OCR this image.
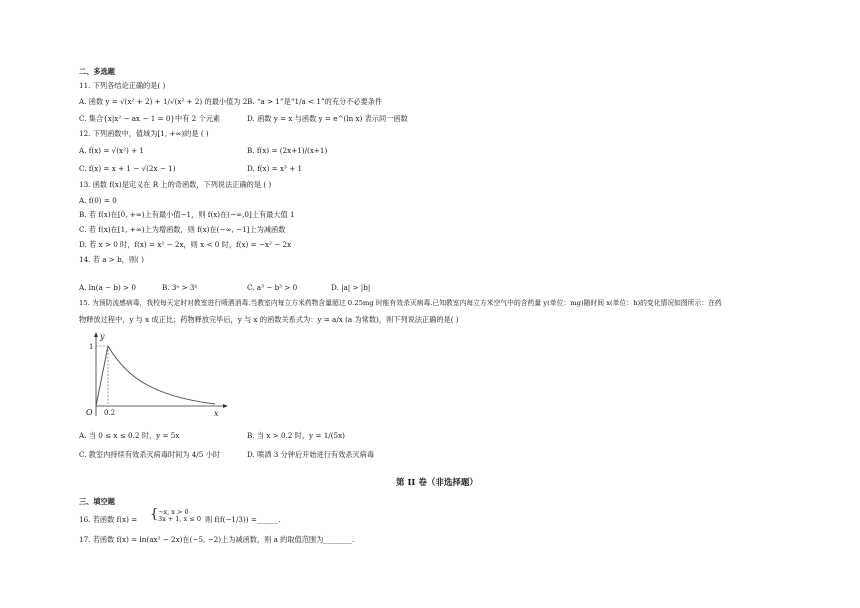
二、多选题
11. 下列各结论正确的是( )
A. 函数 y = √(x² + 2) + 1/√(x² + 2) 的最小值为 2 B. “a > 1”是“1/a < 1”的充分不必要条件
C. 集合{x|x² − ax − 1 = 0}中有 2 个元素	D. 函数 y = x 与函数 y = e^(ln x) 表示同一函数
12. 下列函数中，值域为[1, +∞)的是 ( )
A. f(x) = √(x²) + 1	B. f(x) = (2x+1)/(x+1)
C. f(x) = x + 1 − √(2x − 1)	D. f(x) = x³ + 1
13. 函数 f(x)是定义在 R 上的奇函数，下列说法正确的是 ( )
A. f(0) = 0
B. 若 f(x)在[0, +∞)上有最小值−1，则 f(x)在(−∞,0]上有最大值 1
C. 若 f(x)在[1, +∞)上为增函数，则 f(x)在(−∞, −1]上为减函数
D. 若 x > 0 时，f(x) = x² − 2x，则 x < 0 时，f(x) = −x² − 2x
14. 若 a > b，则( )
A. ln(a − b) > 0	B. 3ᵃ > 3ᵇ	C. a³ − b³ > 0	D. |a| > |b|
15. 为预防流感病毒，我校每天定时对教室进行喷洒消毒.当教室内每立方米药物含量超过 0.25mg 时能有效杀灭病毒.已知教室内每立方米空气中的含药量 y(单位：mg)随时间 x(单位：h)的变化情况如图所示：在药
物释放过程中，y 与 x 成正比；药物释放完毕后，y 与 x 的函数关系式为：y = a/x (a 为常数)，则下列说法正确的是( )
y
x
O
1
0.2
A. 当 0 ≤ x ≤ 0.2 时，y = 5x	B. 当 x > 0.2 时，y = 1/(5x)
C. 教室内持续有效杀灭病毒时间为 4/5 小时	D. 喷洒 3 分钟后开始进行有效杀灭病毒
第 II 卷（非选择题）
三、填空题
16. 若函数 f(x) = { −x, x > 0
3x + 1, x ≤ 0 则 f(f(−1/3)) =______.
17. 若函数 f(x) = ln(ax² − 2x)在(−5, −2)上为减函数，则 a 的取值范围为________.
